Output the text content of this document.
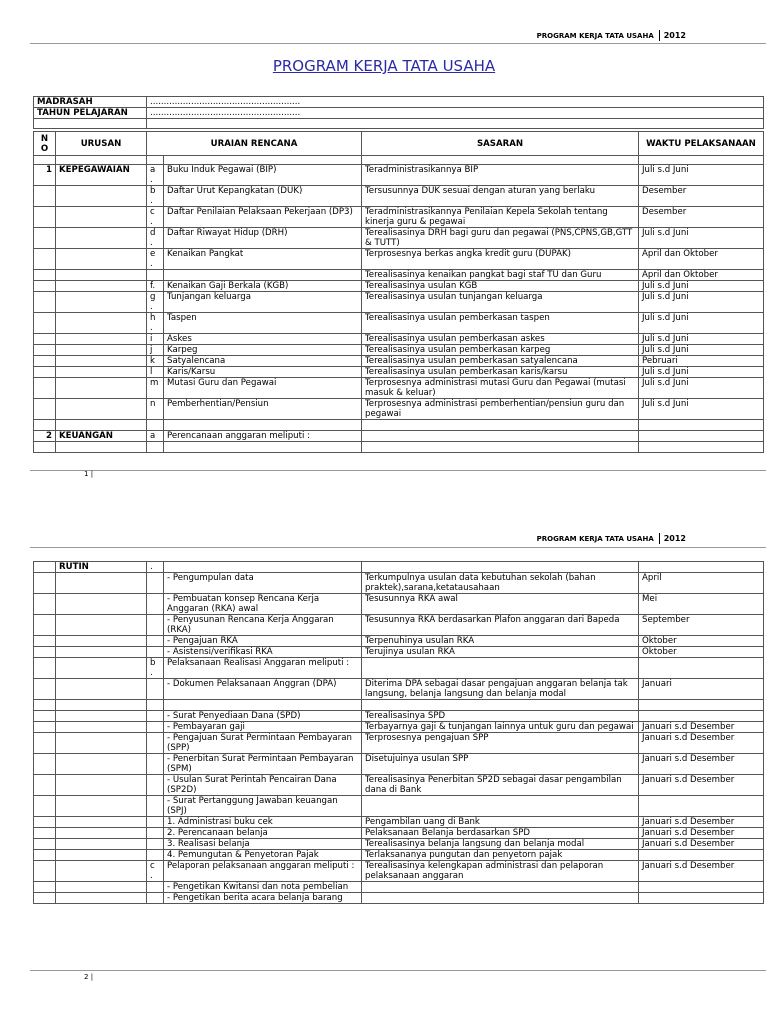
PROGRAM KERJA TATA USAHA	2012
PROGRAM KERJA TATA USAHA
MADRASAH	.......................................................
TAHUN PELAJARAN	.......................................................

N O	URUSAN	URAIAN RENCANA		SASARAN	WAKTU PELAKSANAAN

1	KEPEGAWAIAN	a .	Buku Induk Pegawai (BIP)	Teradministrasikannya BIP	Juli s.d Juni
		b .	Daftar Urut Kepangkatan (DUK)	Tersusunnya DUK sesuai dengan aturan yang berlaku	Desember
		c .	Daftar Penilaian Pelaksaan Pekerjaan (DP3)	Teradministrasikannya Penilaian Kepela Sekolah tentang kinerja guru & pegawai	Desember
		d .	Daftar Riwayat Hidup (DRH)	Terealisasinya DRH bagi guru dan pegawai (PNS,CPNS,GB,GTT & TUTT)	Juli s.d Juni
		e .	Kenaikan Pangkat	Terprosesnya berkas angka kredit guru (DUPAK)	April dan Oktober
				Terealisasinya kenaikan pangkat bagi staf TU dan Guru	April dan Oktober
		f.	Kenaikan Gaji Berkala (KGB)	Terealisasinya usulan KGB	Juli s.d Juni
		g .	Tunjangan keluarga	Terealisasinya usulan tunjangan keluarga	Juli s.d Juni
		h .	Taspen	Terealisasinya usulan pemberkasan taspen	Juli s.d Juni
		i	Askes	Terealisasinya usulan pemberkasan askes	Juli s.d Juni
		j	Karpeg	Terealisasinya usulan pemberkasan karpeg	Juli s.d Juni
		k	Satyalencana	Terealisasinya usulan pemberkasan satyalencana	Pebruari
		l	Karis/Karsu	Terealisasinya usulan pemberkasan karis/karsu	Juli s.d Juni
		m	Mutasi Guru dan Pegawai	Terprosesnya administrasi mutasi Guru dan Pegawai (mutasi masuk & keluar)	Juli s.d Juni
		n	Pemberhentian/Pensiun	Terprosesnya administrasi pemberhentian/pensiun guru dan pegawai	Juli s.d Juni

2	KEUANGAN	a	Perencanaan anggaran meliputi :		

1 |
PROGRAM KERJA TATA USAHA	2012
	RUTIN	.			
			- Pengumpulan data	Terkumpulnya usulan data kebutuhan sekolah (bahan praktek),sarana,ketatausahaan	April
			- Pembuatan konsep Rencana Kerja Anggaran (RKA) awal	Tesusunnya RKA awal	Mei
			- Penyusunan Rencana Kerja Anggaran (RKA)	Tesusunnya RKA berdasarkan Plafon anggaran dari Bapeda	September
			- Pengajuan RKA	Terpenuhinya usulan RKA	Oktober
			- Asistensi/verifikasi RKA	Terujinya usulan RKA	Oktober
		b .	Pelaksanaan Realisasi Anggaran meliputi :		
			- Dokumen Pelaksanaan Anggran (DPA)	Diterima DPA sebagai dasar pengajuan anggaran belanja tak langsung, belanja langsung dan belanja modal	Januari

			- Surat Penyediaan Dana (SPD)	Terealisasinya SPD	
			- Pembayaran gaji	Terbayarnya gaji & tunjangan lainnya untuk guru dan pegawai	Januari s.d Desember
			- Pengajuan Surat Permintaan Pembayaran (SPP)	Terprosesnya pengajuan SPP	Januari s.d Desember
			- Penerbitan Surat Permintaan Pembayaran (SPM)	Disetujuinya usulan SPP	Januari s.d Desember
			- Usulan Surat Perintah Pencairan Dana (SP2D)	Terealisasinya Penerbitan SP2D sebagai dasar pengambilan dana di Bank	Januari s.d Desember
			- Surat Pertanggung Jawaban keuangan (SPJ)		
			1. Administrasi buku cek	Pengambilan uang di Bank	Januari s.d Desember
			2. Perencanaan belanja	Pelaksanaan Belanja berdasarkan SPD	Januari s.d Desember
			3. Realisasi belanja	Terealisasinya belanja langsung dan belanja modal	Januari s.d Desember
			4. Pemungutan & Penyetoran Pajak	Terlaksananya pungutan dan penyetorn pajak	
		c .	Pelaporan pelaksanaan anggaran meliputi :	Terealisasinya kelengkapan administrasi dan pelaporan pelaksanaan anggaran	Januari s.d Desember
			- Pengetikan Kwitansi dan nota pembelian		
			- Pengetikan berita acara belanja barang		
2 |
